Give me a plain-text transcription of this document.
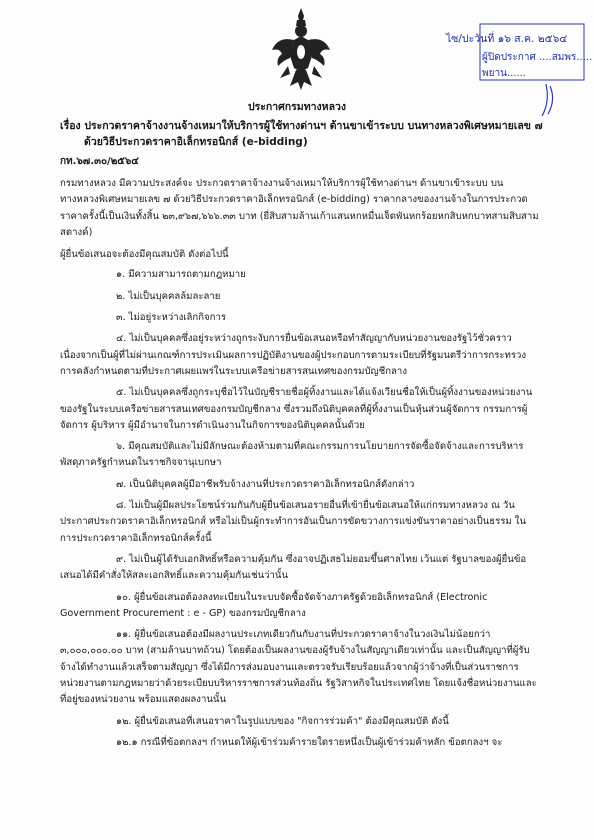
ไซ/ปะวันที่ ๑๖ ส.ค. ๒๕๖๔
ผู้ปิดประกาศ ....สมพร.....
พยาน......
ประกาศกรมทางหลวง
เรื่อง ประกวดราคาจ้างงานจ้างเหมาให้บริการผู้ใช้ทางด่านฯ ด้านขาเข้าระบบ บนทางหลวงพิเศษหมายเลข ๗
ด้วยวิธีประกวดราคาอิเล็กทรอนิกส์ (e-bidding)
กท.๖๗.๓๐/๒๕๖๔

กรมทางหลวง มีความประสงค์จะ ประกวดราคาจ้างงานจ้างเหมาให้บริการผู้ใช้ทางด่านฯ ด้านขาเข้าระบบ บนทางหลวงพิเศษหมายเลข ๗ ด้วยวิธีประกวดราคาอิเล็กทรอนิกส์ (e-bidding) ราคากลางของงานจ้างในการประกวดราคาครั้งนี้เป็นเงินทั้งสิ้น ๒๓,๙๖๗,๖๖๖.๓๓ บาท (ยี่สิบสามล้านเก้าแสนหกหมื่นเจ็ดพันหกร้อยหกสิบหกบาทสามสิบสามสตางค์)

ผู้ยื่นข้อเสนอจะต้องมีคุณสมบัติ ดังต่อไปนี้

๑. มีความสามารถตามกฎหมาย

๒. ไม่เป็นบุคคลล้มละลาย

๓. ไม่อยู่ระหว่างเลิกกิจการ

๔. ไม่เป็นบุคคลซึ่งอยู่ระหว่างถูกระงับการยื่นข้อเสนอหรือทำสัญญากับหน่วยงานของรัฐไว้ชั่วคราว เนื่องจากเป็นผู้ที่ไม่ผ่านเกณฑ์การประเมินผลการปฏิบัติงานของผู้ประกอบการตามระเบียบที่รัฐมนตรีว่าการกระทรวงการคลังกำหนดตามที่ประกาศเผยแพร่ในระบบเครือข่ายสารสนเทศของกรมบัญชีกลาง

๕. ไม่เป็นบุคคลซึ่งถูกระบุชื่อไว้ในบัญชีรายชื่อผู้ทิ้งงานและได้แจ้งเวียนชื่อให้เป็นผู้ทิ้งงานของหน่วยงานของรัฐในระบบเครือข่ายสารสนเทศของกรมบัญชีกลาง ซึ่งรวมถึงนิติบุคคลที่ผู้ทิ้งงานเป็นหุ้นส่วนผู้จัดการ กรรมการผู้จัดการ ผู้บริหาร ผู้มีอำนาจในการดำเนินงานในกิจการของนิติบุคคลนั้นด้วย

๖. มีคุณสมบัติและไม่มีลักษณะต้องห้ามตามที่คณะกรรมการนโยบายการจัดซื้อจัดจ้างและการบริหารพัสดุภาครัฐกำหนดในราชกิจจานุเบกษา

๗. เป็นนิติบุคคลผู้มีอาชีพรับจ้างงานที่ประกวดราคาอิเล็กทรอนิกส์ดังกล่าว

๘. ไม่เป็นผู้มีผลประโยชน์ร่วมกันกับผู้ยื่นข้อเสนอรายอื่นที่เข้ายื่นข้อเสนอให้แก่กรมทางหลวง ณ วันประกาศประกวดราคาอิเล็กทรอนิกส์ หรือไม่เป็นผู้กระทำการอันเป็นการขัดขวางการแข่งขันราคาอย่างเป็นธรรม ในการประกวดราคาอิเล็กทรอนิกส์ครั้งนี้

๙. ไม่เป็นผู้ได้รับเอกสิทธิ์หรือความคุ้มกัน ซึ่งอาจปฏิเสธไม่ยอมขึ้นศาลไทย เว้นแต่ รัฐบาลของผู้ยื่นข้อเสนอได้มีคำสั่งให้สละเอกสิทธิ์และความคุ้มกันเช่นว่านั้น

๑๐. ผู้ยื่นข้อเสนอต้องลงทะเบียนในระบบจัดซื้อจัดจ้างภาครัฐด้วยอิเล็กทรอนิกส์ (Electronic Government Procurement : e - GP) ของกรมบัญชีกลาง

๑๑. ผู้ยื่นข้อเสนอต้องมีผลงานประเภทเดียวกันกับงานที่ประกวดราคาจ้างในวงเงินไม่น้อยกว่า ๓,๐๐๐,๐๐๐.๐๐ บาท (สามล้านบาทถ้วน) โดยต้องเป็นผลงานของผู้รับจ้างในสัญญาเดียวเท่านั้น และเป็นสัญญาที่ผู้รับจ้างได้ทำงานแล้วเสร็จตามสัญญา ซึ่งได้มีการส่งมอบงานและตรวจรับเรียบร้อยแล้วจากผู้ว่าจ้างที่เป็นส่วนราชการ หน่วยงานตามกฎหมายว่าด้วยระเบียบบริหารราชการส่วนท้องถิ่น รัฐวิสาหกิจในประเทศไทย โดยแจ้งชื่อหน่วยงานและที่อยู่ของหน่วยงาน พร้อมแสดงผลงานนั้น

๑๒. ผู้ยื่นข้อเสนอที่เสนอราคาในรูปแบบของ "กิจการร่วมค้า" ต้องมีคุณสมบัติ ดังนี้

๑๒.๑ กรณีที่ข้อตกลงฯ กำหนดให้ผู้เข้าร่วมค้ารายใดรายหนึ่งเป็นผู้เข้าร่วมค้าหลัก ข้อตกลงฯ จะ
